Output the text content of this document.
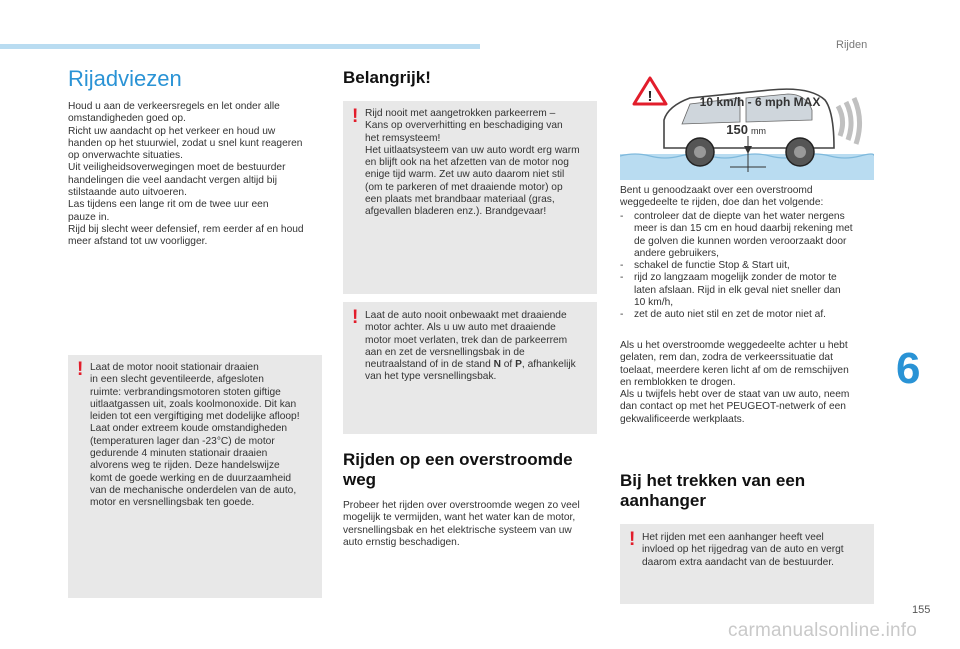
Rijden
6
155
carmanualsonline.info
Rijadviezen
Houd u aan de verkeersregels en let onder alle
omstandigheden goed op.
Richt uw aandacht op het verkeer en houd uw
handen op het stuurwiel, zodat u snel kunt reageren
op onverwachte situaties.
Uit veiligheidsoverwegingen moet de bestuurder
handelingen die veel aandacht vergen altijd bij
stilstaande auto uitvoeren.
Las tijdens een lange rit om de twee uur een
pauze in.
Rijd bij slecht weer defensief, rem eerder af en houd
meer afstand tot uw voorligger.
! Laat de motor nooit stationair draaien
in een slecht geventileerde, afgesloten
ruimte: verbrandingsmotoren stoten giftige
uitlaatgassen uit, zoals koolmonoxide. Dit kan
leiden tot een vergiftiging met dodelijke afloop!
Laat onder extreem koude omstandigheden
(temperaturen lager dan -23°C) de motor
gedurende 4 minuten stationair draaien
alvorens weg te rijden. Deze handelswijze
komt de goede werking en de duurzaamheid
van de mechanische onderdelen van de auto,
motor en versnellingsbak ten goede.
Belangrijk!
! Rijd nooit met aangetrokken parkeerrem –
Kans op oververhitting en beschadiging van
het remsysteem!
Het uitlaatsysteem van uw auto wordt erg warm
en blijft ook na het afzetten van de motor nog
enige tijd warm. Zet uw auto daarom niet stil
(om te parkeren of met draaiende motor) op
een plaats met brandbaar materiaal (gras,
afgevallen bladeren enz.). Brandgevaar!
! Laat de auto nooit onbewaakt met draaiende
motor achter. Als u uw auto met draaiende
motor moet verlaten, trek dan de parkeerrem
aan en zet de versnellingsbak in de
neutraalstand of in de stand N of P, afhankelijk
van het type versnellingsbak.
Rijden op een overstroomde
weg
Probeer het rijden over overstroomde wegen zo veel
mogelijk te vermijden, want het water kan de motor,
versnellingsbak en het elektrische systeem van uw
auto ernstig beschadigen.
!	10 km/h - 6 mph MAX
150 mm
Bent u genoodzaakt over een overstroomd
weggedeelte te rijden, doe dan het volgende:
- controleer dat de diepte van het water nergens
meer is dan 15 cm en houd daarbij rekening met
de golven die kunnen worden veroorzaakt door
andere gebruikers,
- schakel de functie Stop & Start uit,
- rijd zo langzaam mogelijk zonder de motor te
laten afslaan. Rijd in elk geval niet sneller dan
10 km/h,
- zet de auto niet stil en zet de motor niet af.
Als u het overstroomde weggedeelte achter u hebt
gelaten, rem dan, zodra de verkeerssituatie dat
toelaat, meerdere keren licht af om de remschijven
en remblokken te drogen.
Als u twijfels hebt over de staat van uw auto, neem
dan contact op met het PEUGEOT-netwerk of een
gekwalificeerde werkplaats.
Bij het trekken van een
aanhanger
! Het rijden met een aanhanger heeft veel
invloed op het rijgedrag van de auto en vergt
daarom extra aandacht van de bestuurder.
